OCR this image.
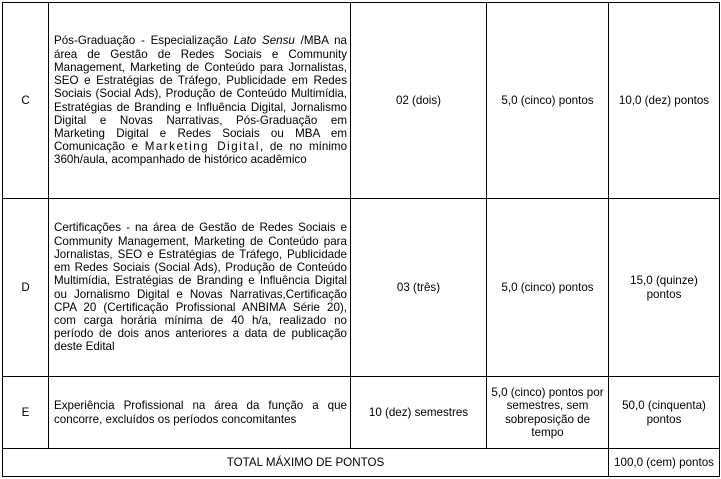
C	Pós-Graduação - Especialização Lato Sensu /MBA na área de Gestão de Redes Sociais e Community Management, Marketing de Conteúdo para Jornalistas, SEO e Estratégias de Tráfego, Publicidade em Redes Sociais (Social Ads), Produção de Conteúdo Multimídia, Estratégias de Branding e Influência Digital, Jornalismo Digital e Novas Narrativas, Pós-Graduação em Marketing Digital e Redes Sociais ou MBA em Comunicação e Marketing Digital, de no mínimo 360h/aula, acompanhado de histórico acadêmico	02 (dois)	5,0 (cinco) pontos	10,0 (dez) pontos
D	Certificações - na área de Gestão de Redes Sociais e Community Management, Marketing de Conteúdo para Jornalistas, SEO e Estratégias de Tráfego, Publicidade em Redes Sociais (Social Ads), Produção de Conteúdo Multimídia, Estratégias de Branding e Influência Digital ou Jornalismo Digital e Novas Narrativas,Certificação CPA 20 (Certificação Profissional ANBIMA Série 20), com carga horária mínima de 40 h/a, realizado no período de dois anos anteriores a data de publicação deste Edital	03 (três)	5,0 (cinco) pontos	15,0 (quinze) pontos
E	Experiência Profissional na área da função a que concorre, excluídos os períodos concomitantes	10 (dez) semestres	5,0 (cinco) pontos por semestres, sem sobreposição de tempo	50,0 (cinquenta) pontos
TOTAL MÁXIMO DE PONTOS				100,0 (cem) pontos
